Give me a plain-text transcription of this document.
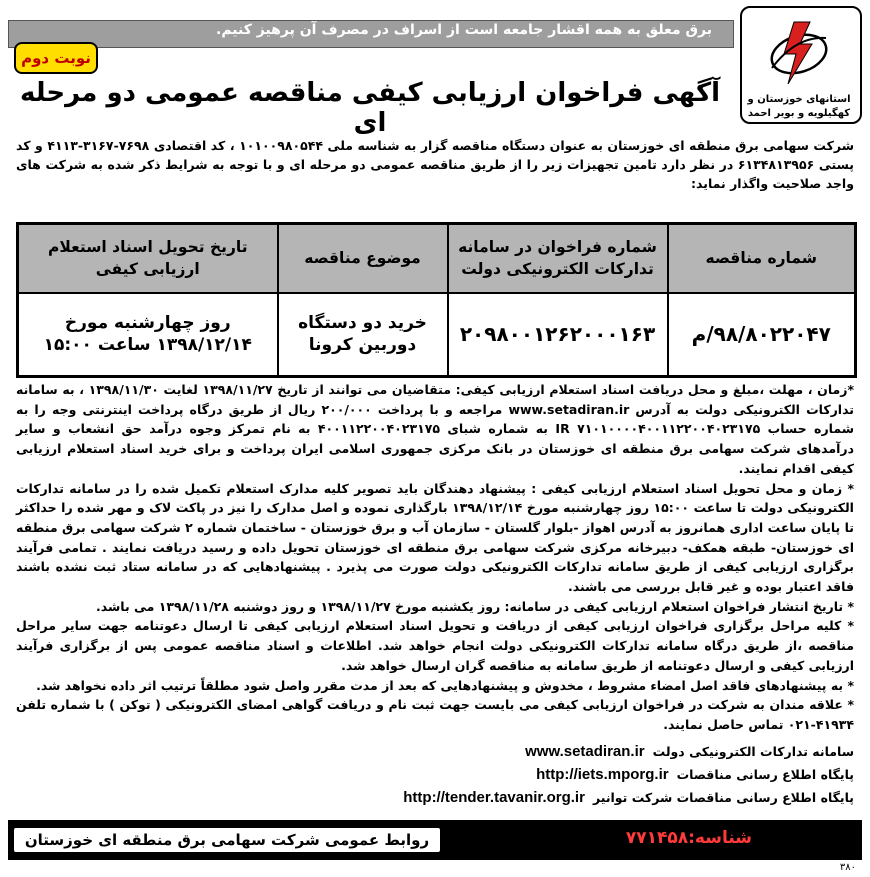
استانهای خوزستان و
کهگیلویه و بویر احمد
برق معلق به همه اقشار جامعه است از اسراف در مصرف آن پرهیز کنیم.
نوبت دوم
آگهی فراخوان ارزیابی کیفی مناقصه عمومی دو مرحله ای
شرکت سهامی برق منطقه ای خوزستان به عنوان دستگاه مناقصه گزار به شناسه ملی ۱۰۱۰۰۹۸۰۵۴۴ ، کد اقتصادی ۷۶۹۸-۳۱۶۷-۴۱۱۳ و کد پستی ۶۱۳۴۸۱۳۹۵۶ در نظر دارد تامین تجهیزات زیر را از طریق مناقصه عمومی دو مرحله ای و با توجه به شرایط ذکر شده به شرکت های واجد صلاحیت واگذار نماید:
شماره مناقصه	شماره فراخوان در سامانه تدارکات الکترونیکی دولت	موضوع مناقصه	تاریخ تحویل اسناد استعلام ارزیابی کیفی
۹۸/۸۰۲۲۰۴۷/م	۲۰۹۸۰۰۱۲۶۲۰۰۰۱۶۳	خرید دو دستگاه دوربین کرونا	روز چهارشنبه مورخ ۱۳۹۸/۱۲/۱۴ ساعت ۱۵:۰۰

*زمان ، مهلت ،مبلغ و محل دریافت اسناد استعلام ارزیابی کیفی: متقاضیان می توانند از تاریخ ۱۳۹۸/۱۱/۲۷ لغایت ۱۳۹۸/۱۱/۳۰ ، به سامانه تدارکات الکترونیکی دولت به آدرس www.setadiran.ir مراجعه و با پرداخت ۲۰۰/۰۰۰ ریال از طریق درگاه پرداخت اینترنتی وجه را به شماره حساب IR ۷۱۰۱۰۰۰۰۴۰۰۱۱۲۲۰۰۴۰۲۳۱۷۵ به شماره شبای ۴۰۰۱۱۲۲۰۰۴۰۲۳۱۷۵ به نام تمرکز وجوه درآمد حق انشعاب و سایر درآمدهای شرکت سهامی برق منطقه ای خوزستان در بانک مرکزی جمهوری اسلامی ایران پرداخت و برای خرید اسناد استعلام ارزیابی کیفی اقدام نمایند.

* زمان و محل تحویل اسناد استعلام ارزیابی کیفی : پیشنهاد دهندگان باید تصویر کلیه مدارک استعلام تکمیل شده را در سامانه تدارکات الکترونیکی دولت تا ساعت ۱۵:۰۰ روز چهارشنبه مورخ ۱۳۹۸/۱۲/۱۴ بارگذاری نموده و اصل مدارک را نیز در پاکت لاک و مهر شده را حداکثر تا پایان ساعت اداری همانروز به آدرس اهواز -بلوار گلستان - سازمان آب و برق خوزستان - ساختمان شماره ۲ شرکت سهامی برق منطقه ای خوزستان- طبقه همکف- دبیرخانه مرکزی شرکت سهامی برق منطقه ای خوزستان تحویل داده و رسید دریافت نمایند . تمامی فرآیند برگزاری ارزیابی کیفی از طریق سامانه تدارکات الکترونیکی دولت صورت می پذیرد . پیشنهادهایی که در سامانه ستاد ثبت نشده باشند فاقد اعتبار بوده و غیر قابل بررسی می باشند.

* تاریخ انتشار فراخوان استعلام ارزیابی کیفی در سامانه: روز یکشنبه مورخ ۱۳۹۸/۱۱/۲۷ و روز دوشنبه ۱۳۹۸/۱۱/۲۸ می باشد.

* کلیه مراحل برگزاری فراخوان ارزیابی کیفی از دریافت و تحویل اسناد استعلام ارزیابی کیفی تا ارسال دعوتنامه جهت سایر مراحل مناقصه ،از طریق درگاه سامانه تدارکات الکترونیکی دولت انجام خواهد شد. اطلاعات و اسناد مناقصه عمومی پس از برگزاری فرآیند ارزیابی کیفی و ارسال دعوتنامه از طریق سامانه به مناقصه گران ارسال خواهد شد.

* به پیشنهادهای فاقد اصل امضاء مشروط ، مخدوش و پیشنهادهایی که بعد از مدت مقرر واصل شود مطلقاً ترتیب اثر داده نخواهد شد.

* علاقه مندان به شرکت در فراخوان ارزیابی کیفی می بایست جهت ثبت نام و دریافت گواهی امضای الکترونیکی ( توکن ) با شماره تلفن ۴۱۹۳۴-۰۲۱ تماس حاصل نمایند.

سامانه تدارکات الکترونیکی دولت
www.setadiran.ir
پایگاه اطلاع رسانی مناقصات
http://iets.mporg.ir
پایگاه اطلاع رسانی مناقصات شرکت توانیر
http://tender.tavanir.org.ir
روابط عمومی شرکت سهامی برق منطقه ای خوزستان	شناسه:۷۷۱۴۵۸
۳۸۰
